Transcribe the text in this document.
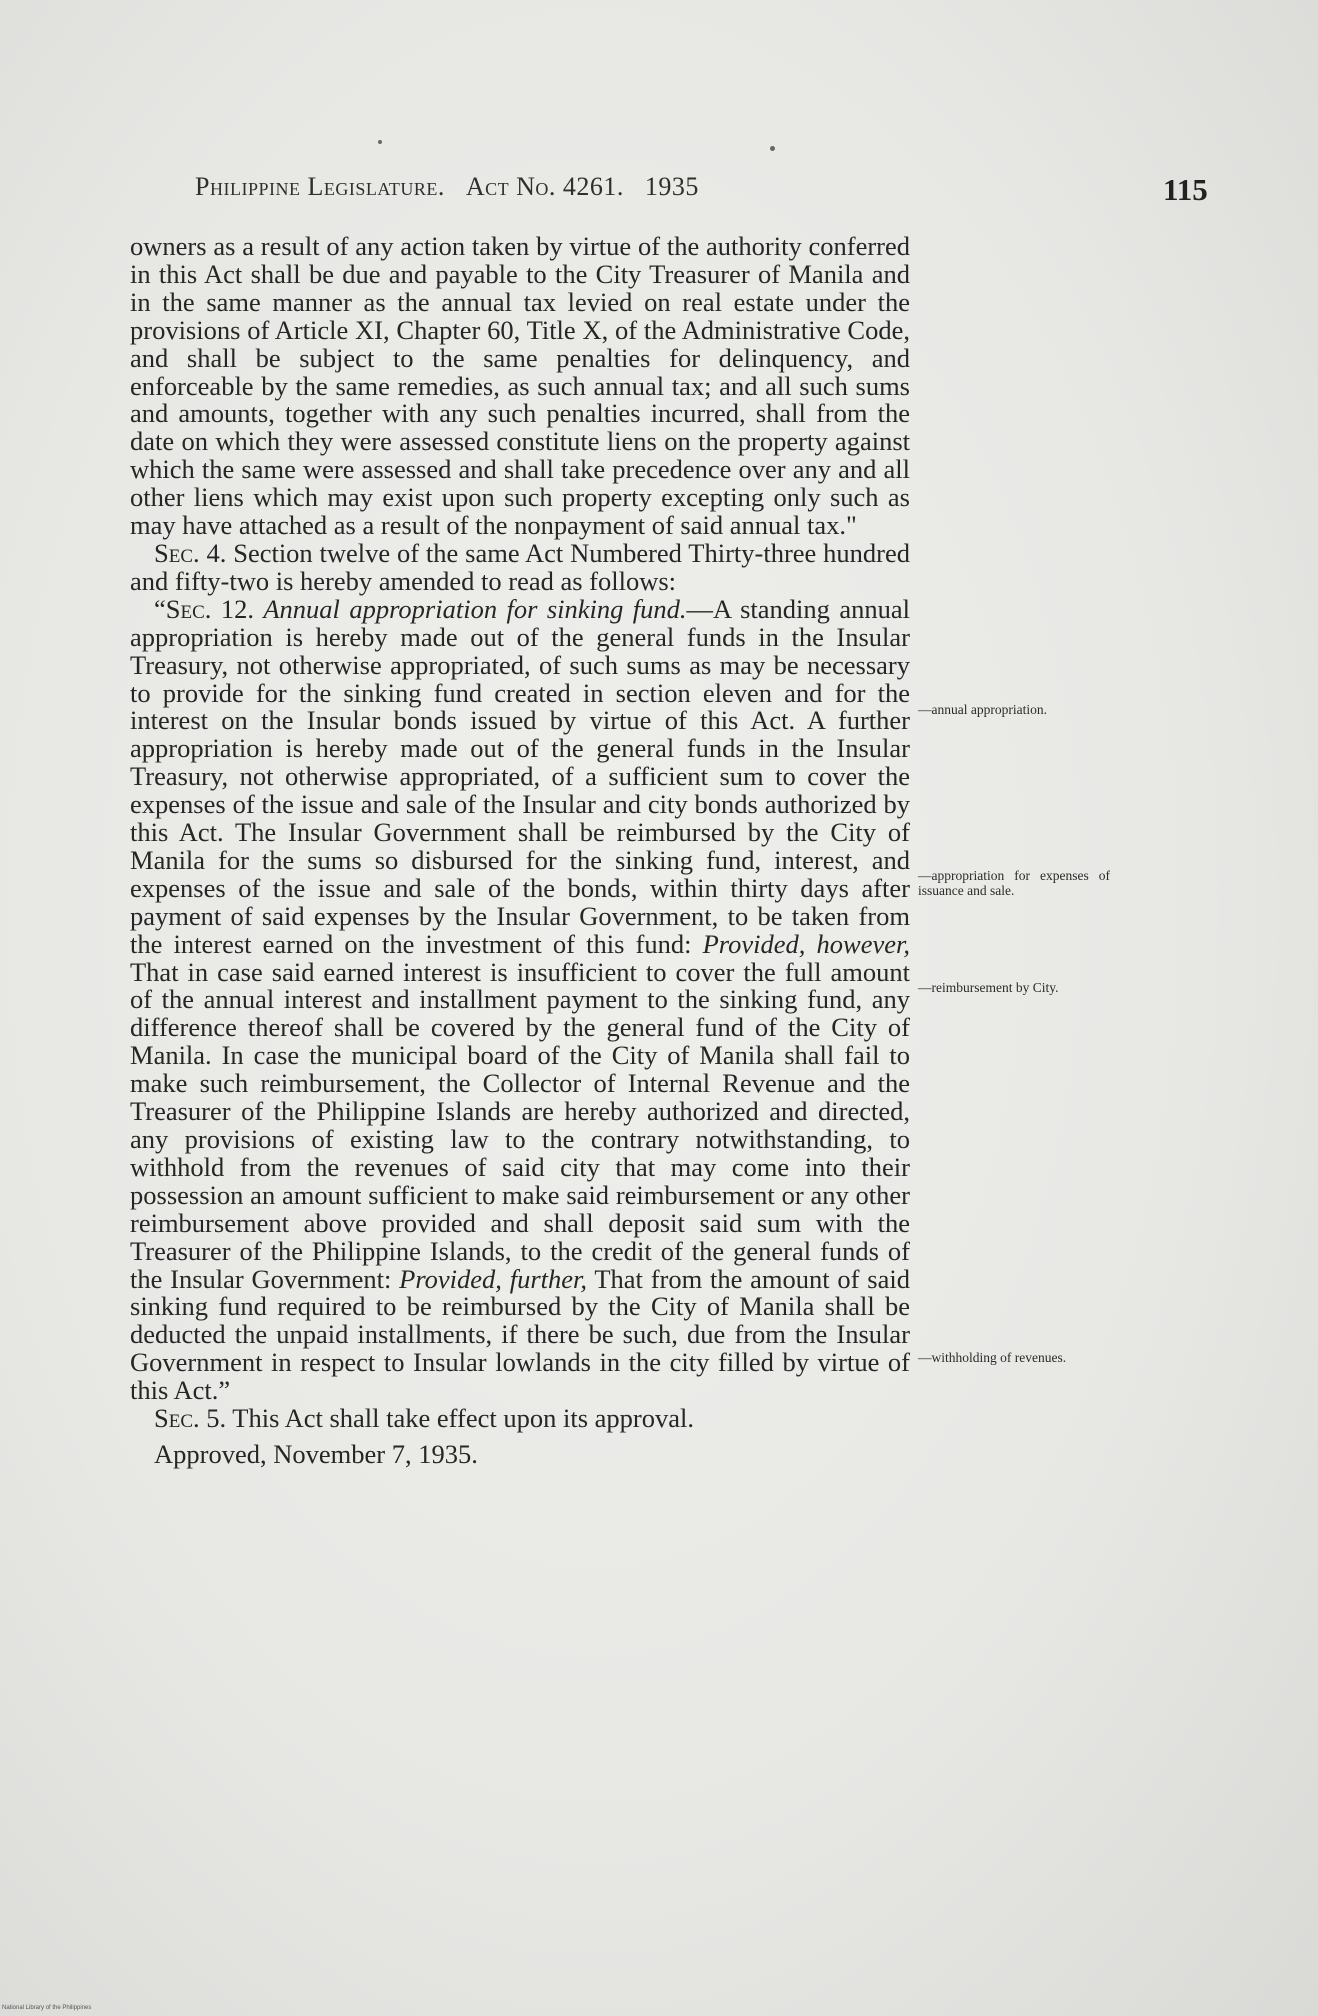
Philippine Legislature. Act No. 4261. 1935	115

owners as a result of any action taken by virtue of the authority conferred in this Act shall be due and payable to the City Treasurer of Manila and in the same manner as the annual tax levied on real estate under the provisions of Article XI, Chapter 60, Title X, of the Administrative Code, and shall be subject to the same penalties for delinquency, and enforceable by the same remedies, as such annual tax; and all such sums and amounts, together with any such penalties incurred, shall from the date on which they were assessed constitute liens on the property against which the same were assessed and shall take precedence over any and all other liens which may exist upon such property excepting only such as may have attached as a result of the nonpayment of said annual tax."

Sec. 4. Section twelve of the same Act Numbered Thirty-three hundred and fifty-two is hereby amended to read as follows:

“Sec. 12. Annual appropriation for sinking fund.—A standing annual appropriation is hereby made out of the general funds in the Insular Treasury, not otherwise appropriated, of such sums as may be necessary to provide for the sinking fund created in section eleven and for the interest on the Insular bonds issued by virtue of this Act. A further appropriation is hereby made out of the general funds in the Insular Treasury, not otherwise appropriated, of a sufficient sum to cover the expenses of the issue and sale of the Insular and city bonds authorized by this Act. The Insular Government shall be reimbursed by the City of Manila for the sums so disbursed for the sinking fund, interest, and expenses of the issue and sale of the bonds, within thirty days after payment of said expenses by the Insular Government, to be taken from the interest earned on the investment of this fund: Provided, however, That in case said earned interest is insufficient to cover the full amount of the annual interest and installment payment to the sinking fund, any difference thereof shall be covered by the general fund of the City of Manila. In case the municipal board of the City of Manila shall fail to make such reimbursement, the Collector of Internal Revenue and the Treasurer of the Philippine Islands are hereby authorized and directed, any provisions of existing law to the contrary notwithstanding, to withhold from the revenues of said city that may come into their possession an amount sufficient to make said reimbursement or any other reimbursement above provided and shall deposit said sum with the Treasurer of the Philippine Islands, to the credit of the general funds of the Insular Government: Provided, further, That from the amount of said sinking fund required to be reimbursed by the City of Manila shall be deducted the unpaid installments, if there be such, due from the Insular Government in respect to Insular lowlands in the city filled by virtue of this Act.”

Sec. 5. This Act shall take effect upon its approval.

Approved, November 7, 1935.

—annual appropriation.
—appropriation for expenses of issuance and sale.
—reimbursement by City.
—withholding of revenues.
National Library of the Philippines
